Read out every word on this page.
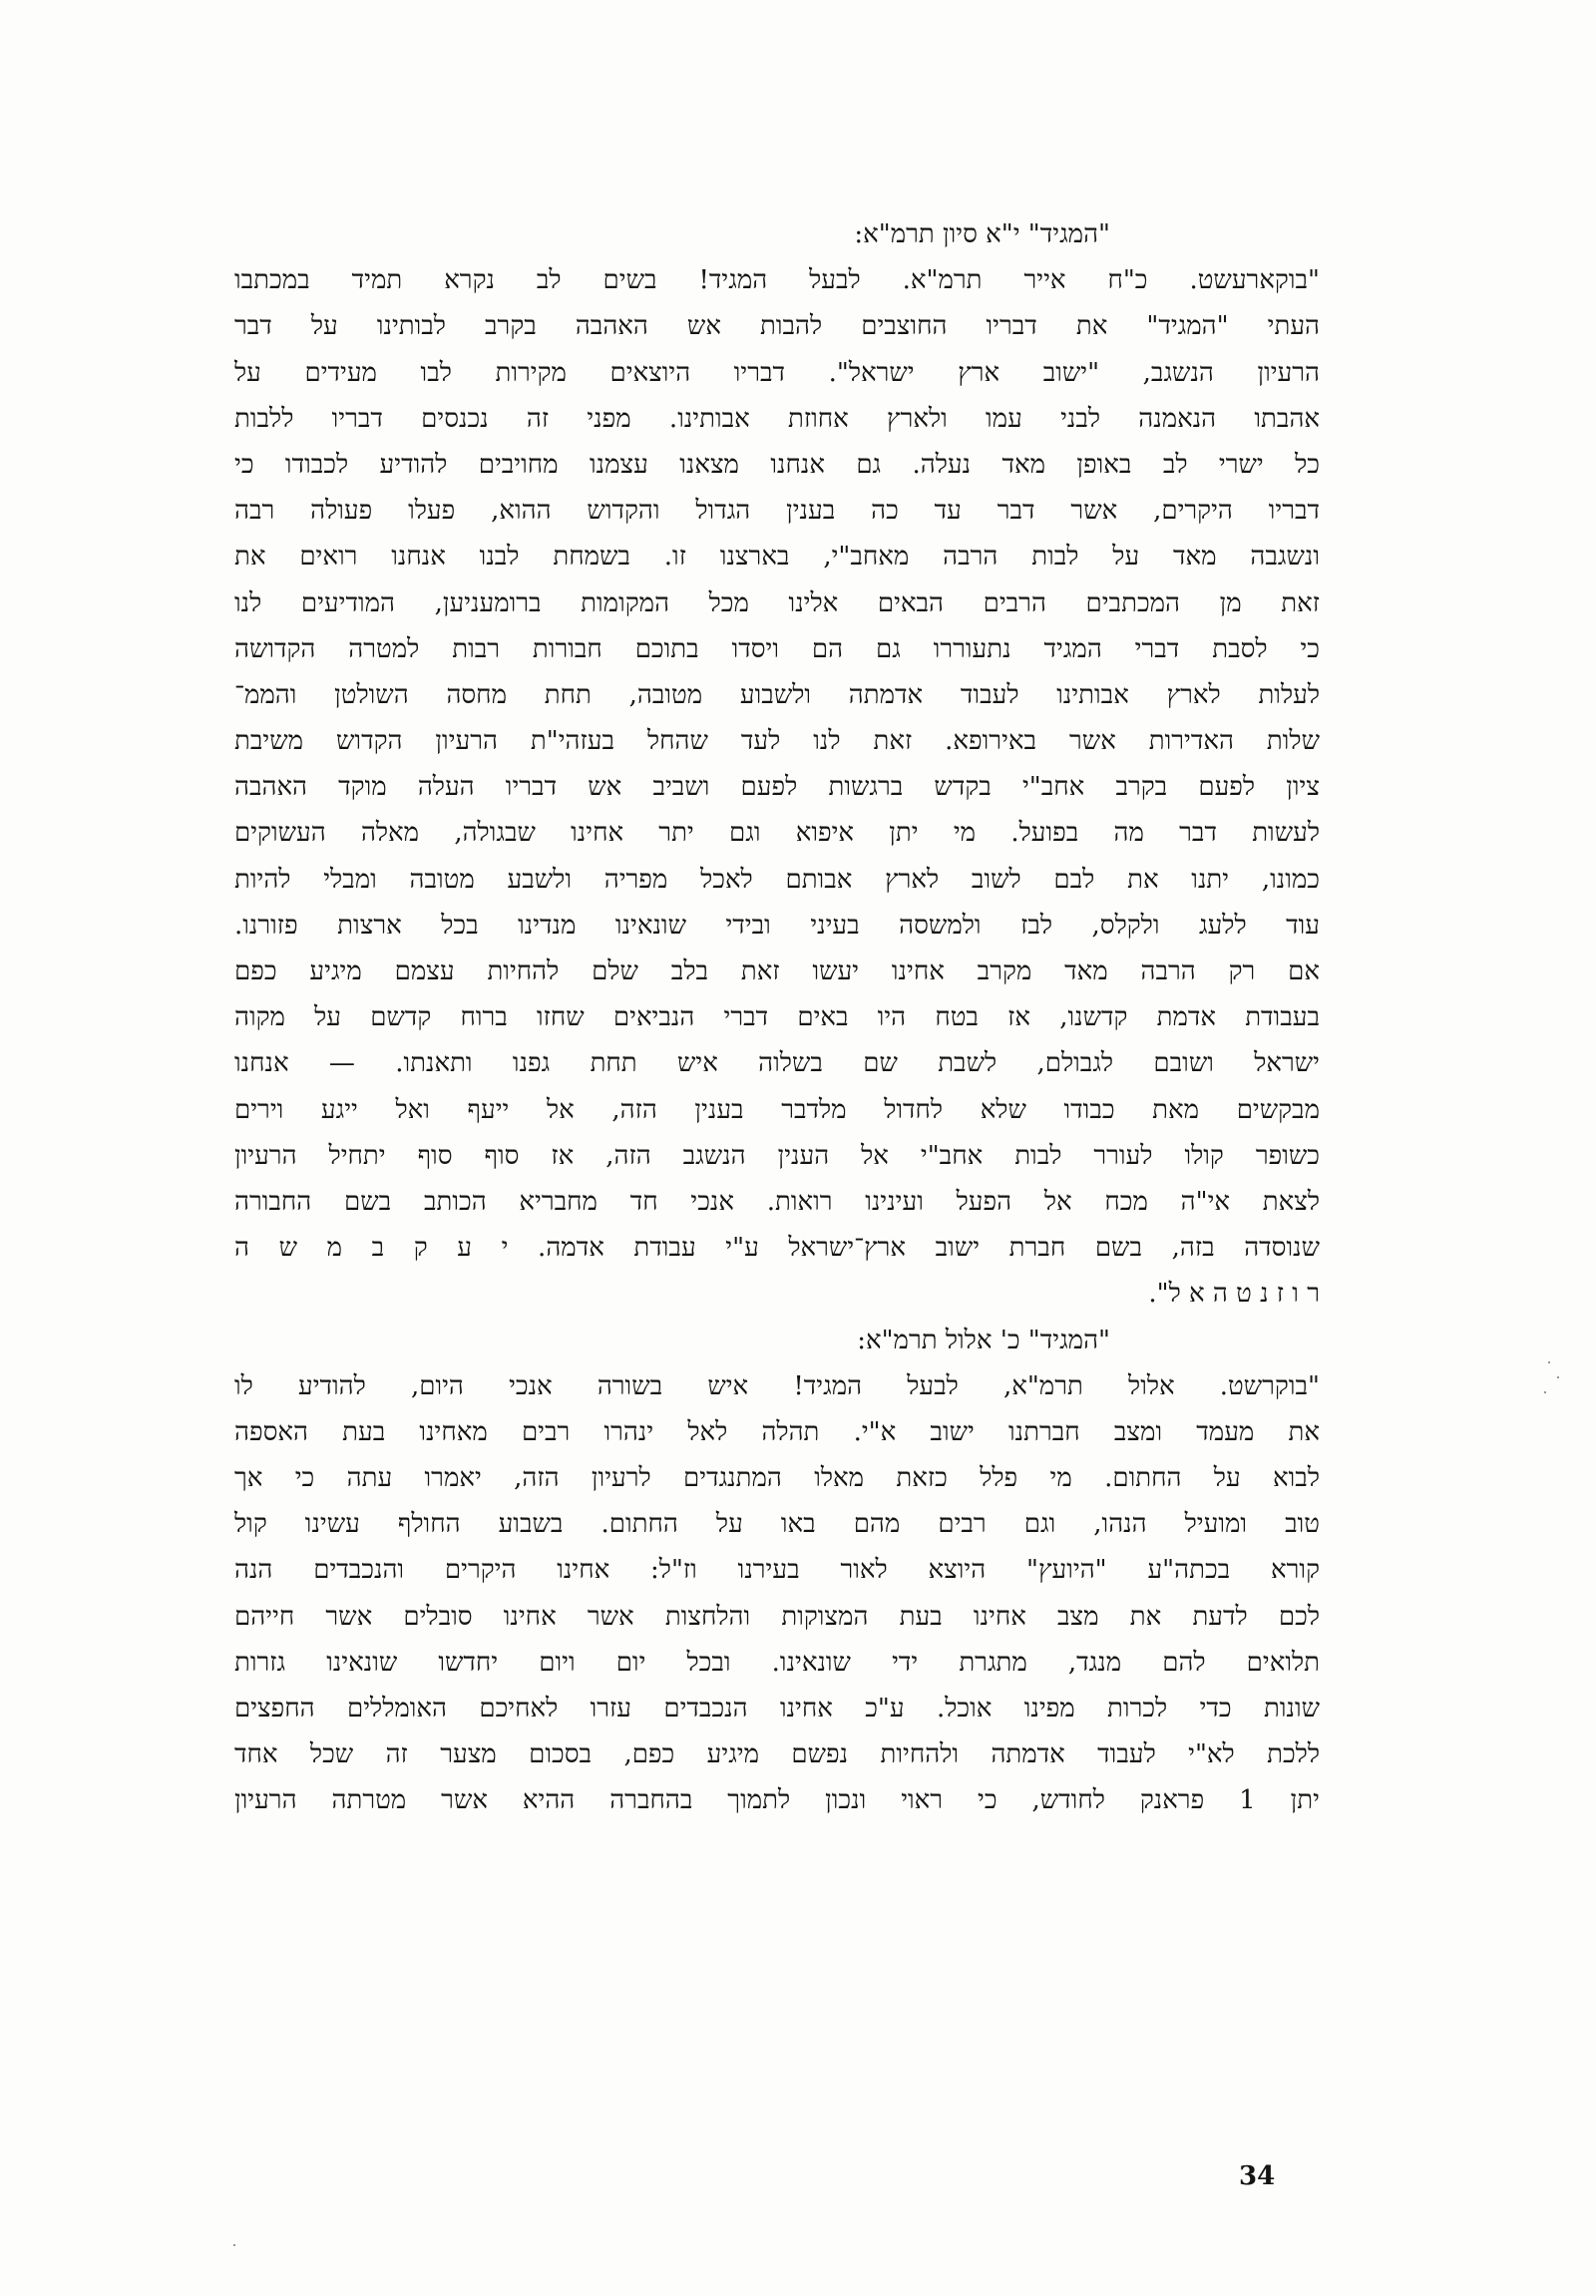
"המגיד" י"א סיון תרמ"א:
"בוקארעשט. כ"ח אייר תרמ"א. לבעל המגיד! בשים לב נקרא תמיד במכתבו
העתי "המגיד" את דבריו החוצבים להבות אש האהבה בקרב לבותינו על דבר
הרעיון הנשגב, "ישוב ארץ ישראל". דבריו היוצאים מקירות לבו מעידים על
אהבתו הנאמנה לבני עמו ולארץ אחוזת אבותינו. מפני זה נכנסים דבריו ללבות
כל ישרי לב באופן מאד נעלה. גם אנחנו מצאנו עצמנו מחויבים להודיע לכבודו כי
דבריו היקרים, אשר דבר עד כה בענין הגדול והקדוש ההוא, פעלו פעולה רבה
ונשגבה מאד על לבות הרבה מאחב"י, בארצנו זו. בשמחת לבנו אנחנו רואים את
זאת מן המכתבים הרבים הבאים אלינו מכל המקומות ברומעניען, המודיעים לנו
כי לסבת דברי המגיד נתעוררו גם הם ויסדו בתוכם חבורות רבות למטרה הקדושה
לעלות לארץ אבותינו לעבוד אדמתה ולשבוע מטובה, תחת מחסה השולטן והממ־
שלות האדירות אשר באירופא. זאת לנו לעד שהחל בעזהי"ת הרעיון הקדוש משיבת
ציון לפעם בקרב אחב"י בקדש ברגשות לפעם ושביב אש דבריו העלה מוקד האהבה
לעשות דבר מה בפועל. מי יתן איפוא וגם יתר אחינו שבגולה, מאלה העשוקים
כמונו, יתנו את לבם לשוב לארץ אבותם לאכל מפריה ולשבע מטובה ומבלי להיות
עוד ללעג ולקלס, לבז ולמשסה בעיני ובידי שונאינו מנדינו בכל ארצות פזורנו.
אם רק הרבה מאד מקרב אחינו יעשו זאת בלב שלם להחיות עצמם מיגיע כפם
בעבודת אדמת קדשנו, אז בטח היו באים דברי הנביאים שחזו ברוח קדשם על מקוה
ישראל ושובם לגבולם, לשבת שם בשלוה איש תחת גפנו ותאנתו. — אנחנו
מבקשים מאת כבודו שלא לחדול מלדבר בענין הזה, אל ייעף ואל ייגע וירים
כשופר קולו לעורר לבות אחב"י אל הענין הנשגב הזה, אז סוף סוף יתחיל הרעיון
לצאת אי"ה מכח אל הפעל ועינינו רואות. אנכי חד מחבריא הכותב בשם החבורה
שנוסדה בזה, בשם חברת ישוב ארץ־ישראל ע"י עבודת אדמה. י ע ק ב מ ש ה
ר ו ז נ ט ה א ל".
"המגיד" כ' אלול תרמ"א:
"בוקרשט. אלול תרמ"א, לבעל המגיד! איש בשורה אנכי היום, להודיע לו
את מעמד ומצב חברתנו ישוב א"י. תהלה לאל ינהרו רבים מאחינו בעת האספה
לבוא על החתום. מי פלל כזאת מאלו המתנגדים לרעיון הזה, יאמרו עתה כי אך
טוב ומועיל הנהו, וגם רבים מהם באו על החתום. בשבוע החולף עשינו קול
קורא בכתה"ע "היועץ" היוצא לאור בעירנו וז"ל: אחינו היקרים והנכבדים הנה
לכם לדעת את מצב אחינו בעת המצוקות והלחצות אשר אחינו סובלים אשר חייהם
תלואים להם מנגד, מתגרת ידי שונאינו. ובכל יום ויום יחדשו שונאינו גזרות
שונות כדי לכרות מפינו אוכל. ע"כ אחינו הנכבדים עזרו לאחיכם האומללים החפצים
ללכת לא"י לעבוד אדמתה ולהחיות נפשם מיגיע כפם, בסכום מצער זה שכל אחד
יתן 1 פראנק לחודש, כי ראוי ונכון לתמוך בהחברה ההיא אשר מטרתה הרעיון
34
